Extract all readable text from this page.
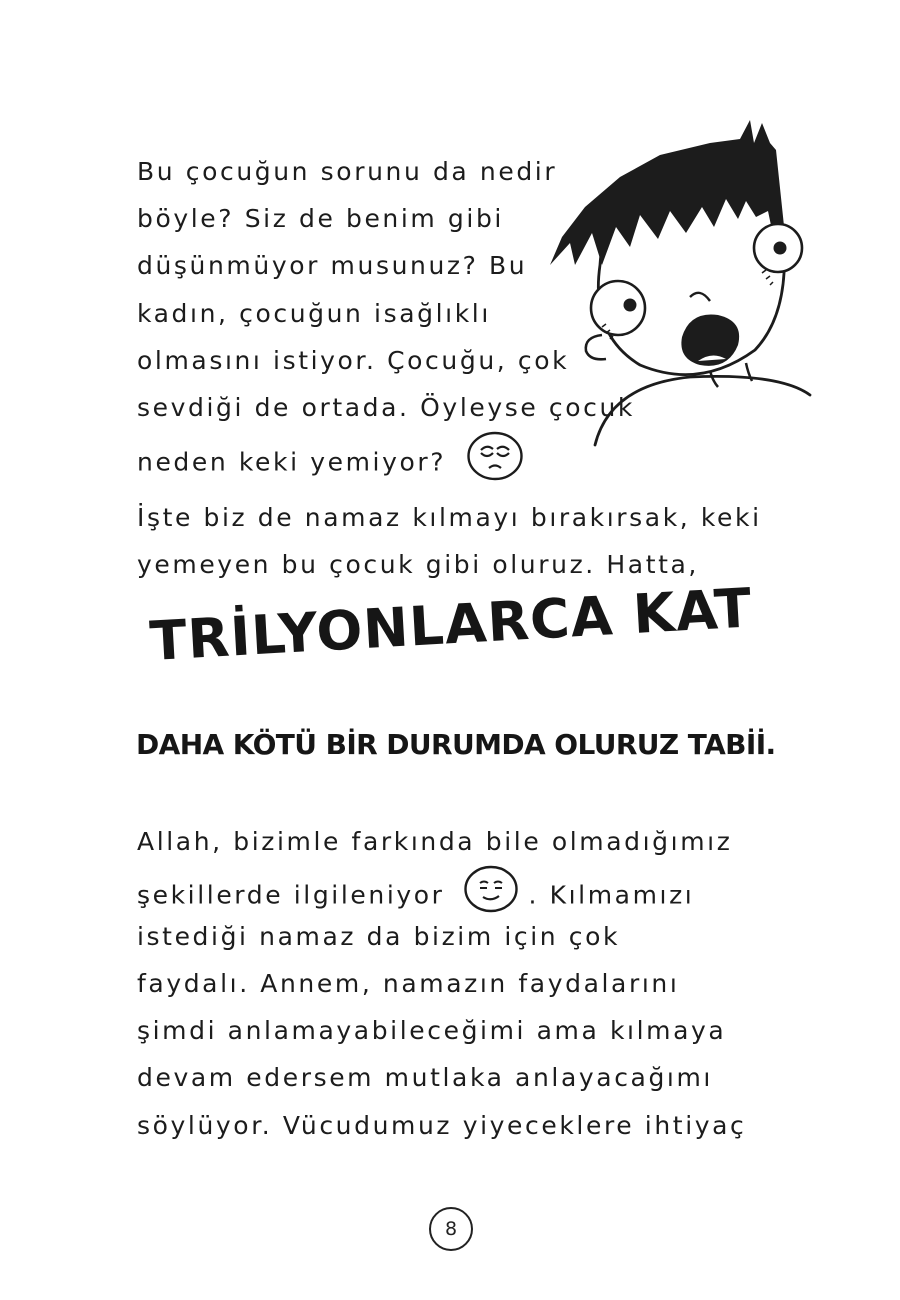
Bu çocuğun sorunu da nedir
böyle? Siz de benim gibi
düşünmüyor musunuz? Bu
kadın, çocuğun isağlıklı
olmasını istiyor. Çocuğu, çok
sevdiği de ortada. Öyleyse çocuk
neden keki yemiyor?
İşte biz de namaz kılmayı bırakırsak, keki
yemeyen bu çocuk gibi oluruz. Hatta,
TRİLYONLARCA KAT
DAHA KÖTÜ BİR DURUMDA OLURUZ TABİİ.
Allah, bizimle farkında bile olmadığımız
şekillerde ilgileniyor	. Kılmamızı
istediği namaz da bizim için çok
faydalı. Annem, namazın faydalarını
şimdi anlamayabileceğimi ama kılmaya
devam edersem mutlaka anlayacağımı
söylüyor. Vücudumuz yiyeceklere ihtiyaç
8
